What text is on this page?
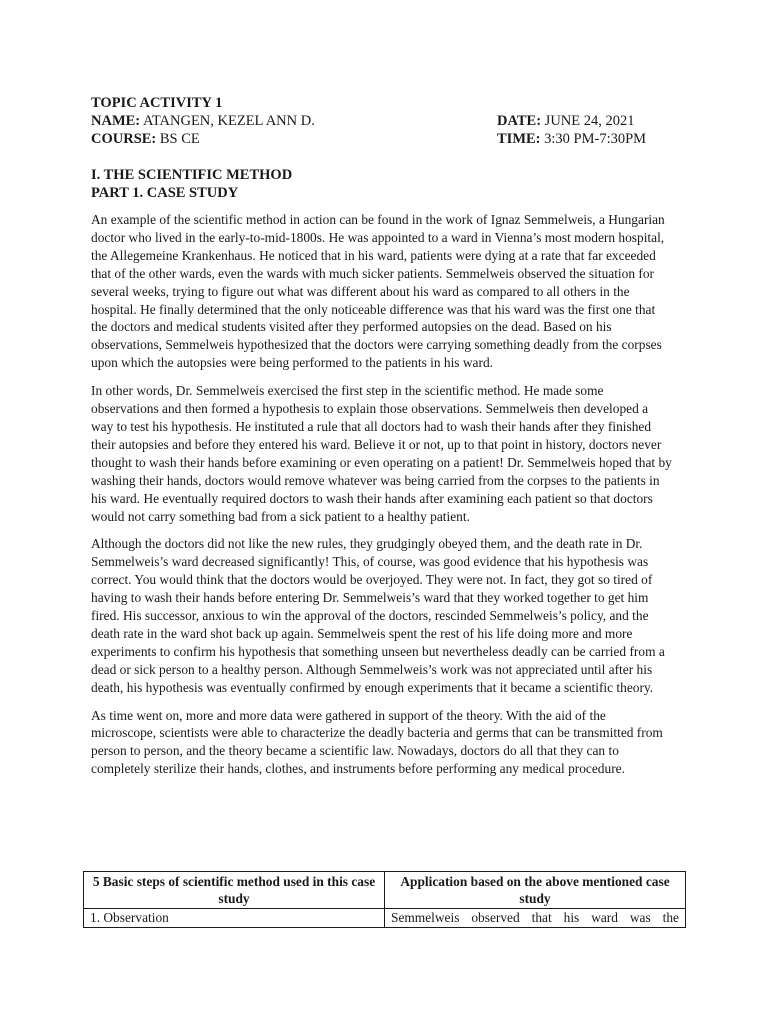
TOPIC ACTIVITY 1
NAME: ATANGEN, KEZEL ANN D.
COURSE: BS CE
DATE: JUNE 24, 2021
TIME: 3:30 PM-7:30PM
I. THE SCIENTIFIC METHOD
PART 1. CASE STUDY

An example of the scientific method in action can be found in the work of Ignaz Semmelweis, a Hungarian doctor who lived in the early-to-mid-1800s. He was appointed to a ward in Vienna’s most modern hospital, the Allegemeine Krankenhaus. He noticed that in his ward, patients were dying at a rate that far exceeded that of the other wards, even the wards with much sicker patients. Semmelweis observed the situation for several weeks, trying to figure out what was different about his ward as compared to all others in the hospital. He finally determined that the only noticeable difference was that his ward was the first one that the doctors and medical students visited after they performed autopsies on the dead. Based on his observations, Semmelweis hypothesized that the doctors were carrying something deadly from the corpses upon which the autopsies were being performed to the patients in his ward.

In other words, Dr. Semmelweis exercised the first step in the scientific method. He made some observations and then formed a hypothesis to explain those observations. Semmelweis then developed a way to test his hypothesis. He instituted a rule that all doctors had to wash their hands after they finished their autopsies and before they entered his ward. Believe it or not, up to that point in history, doctors never thought to wash their hands before examining or even operating on a patient! Dr. Semmelweis hoped that by washing their hands, doctors would remove whatever was being carried from the corpses to the patients in his ward. He eventually required doctors to wash their hands after examining each patient so that doctors would not carry something bad from a sick patient to a healthy patient.

Although the doctors did not like the new rules, they grudgingly obeyed them, and the death rate in Dr. Semmelweis’s ward decreased significantly! This, of course, was good evidence that his hypothesis was correct. You would think that the doctors would be overjoyed. They were not. In fact, they got so tired of having to wash their hands before entering Dr. Semmelweis’s ward that they worked together to get him fired. His successor, anxious to win the approval of the doctors, rescinded Semmelweis’s policy, and the death rate in the ward shot back up again. Semmelweis spent the rest of his life doing more and more experiments to confirm his hypothesis that something unseen but nevertheless deadly can be carried from a dead or sick person to a healthy person. Although Semmelweis’s work was not appreciated until after his death, his hypothesis was eventually confirmed by enough experiments that it became a scientific theory.

As time went on, more and more data were gathered in support of the theory. With the aid of the microscope, scientists were able to characterize the deadly bacteria and germs that can be transmitted from person to person, and the theory became a scientific law. Nowadays, doctors do all that they can to completely sterilize their hands, clothes, and instruments before performing any medical procedure.

5 Basic steps of scientific method used in this case study	Application based on the above mentioned case study
1. Observation	Semmelweis observed that his ward was the
